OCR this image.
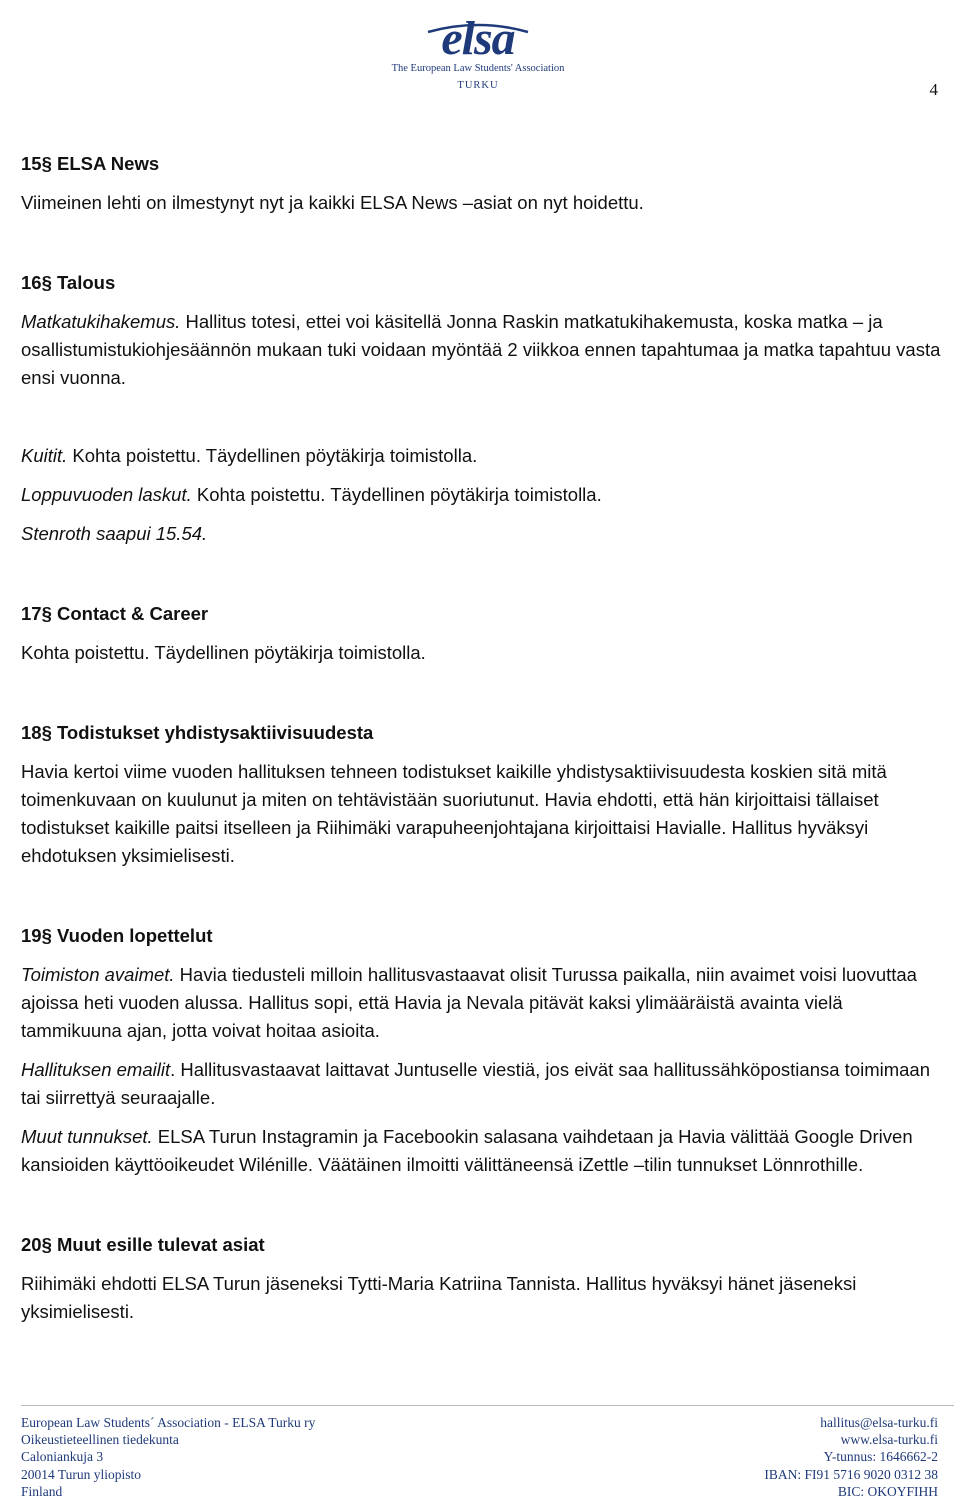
elsa
The European Law Students' Association
TURKU	4

15§ ELSA News

Viimeinen lehti on ilmestynyt nyt ja kaikki ELSA News –asiat on nyt hoidettu.

16§ Talous

Matkatukihakemus. Hallitus totesi, ettei voi käsitellä Jonna Raskin matkatukihakemusta, koska matka – ja osallistumistukiohjesäännön mukaan tuki voidaan myöntää 2 viikkoa ennen tapahtumaa ja matka tapahtuu vasta ensi vuonna.

Kuitit. Kohta poistettu. Täydellinen pöytäkirja toimistolla.

Loppuvuoden laskut. Kohta poistettu. Täydellinen pöytäkirja toimistolla.

Stenroth saapui 15.54.

17§ Contact & Career

Kohta poistettu. Täydellinen pöytäkirja toimistolla.

18§ Todistukset yhdistysaktiivisuudesta

Havia kertoi viime vuoden hallituksen tehneen todistukset kaikille yhdistysaktiivisuudesta koskien sitä mitä toimenkuvaan on kuulunut ja miten on tehtävistään suoriutunut. Havia ehdotti, että hän kirjoittaisi tällaiset todistukset kaikille paitsi itselleen ja Riihimäki varapuheenjohtajana kirjoittaisi Havialle. Hallitus hyväksyi ehdotuksen yksimielisesti.

19§ Vuoden lopettelut

Toimiston avaimet. Havia tiedusteli milloin hallitusvastaavat olisit Turussa paikalla, niin avaimet voisi luovuttaa ajoissa heti vuoden alussa. Hallitus sopi, että Havia ja Nevala pitävät kaksi ylimääräistä avainta vielä tammikuuna ajan, jotta voivat hoitaa asioita.

Hallituksen emailit. Hallitusvastaavat laittavat Juntuselle viestiä, jos eivät saa hallitussähköpostiansa toimimaan tai siirrettyä seuraajalle.

Muut tunnukset. ELSA Turun Instagramin ja Facebookin salasana vaihdetaan ja Havia välittää Google Driven kansioiden käyttöoikeudet Wilénille. Väätäinen ilmoitti välittäneensä iZettle –tilin tunnukset Lönnrothille.

20§ Muut esille tulevat asiat

Riihimäki ehdotti ELSA Turun jäseneksi Tytti-Maria Katriina Tannista. Hallitus hyväksyi hänet jäseneksi yksimielisesti.

European Law Students´ Association - ELSA Turku ry
Oikeustieteellinen tiedekunta
Caloniankuja 3
20014 Turun yliopisto
Finland
hallitus@elsa-turku.fi
www.elsa-turku.fi
Y-tunnus: 1646662-2
IBAN: FI91 5716 9020 0312 38
BIC: OKOYFIHH
